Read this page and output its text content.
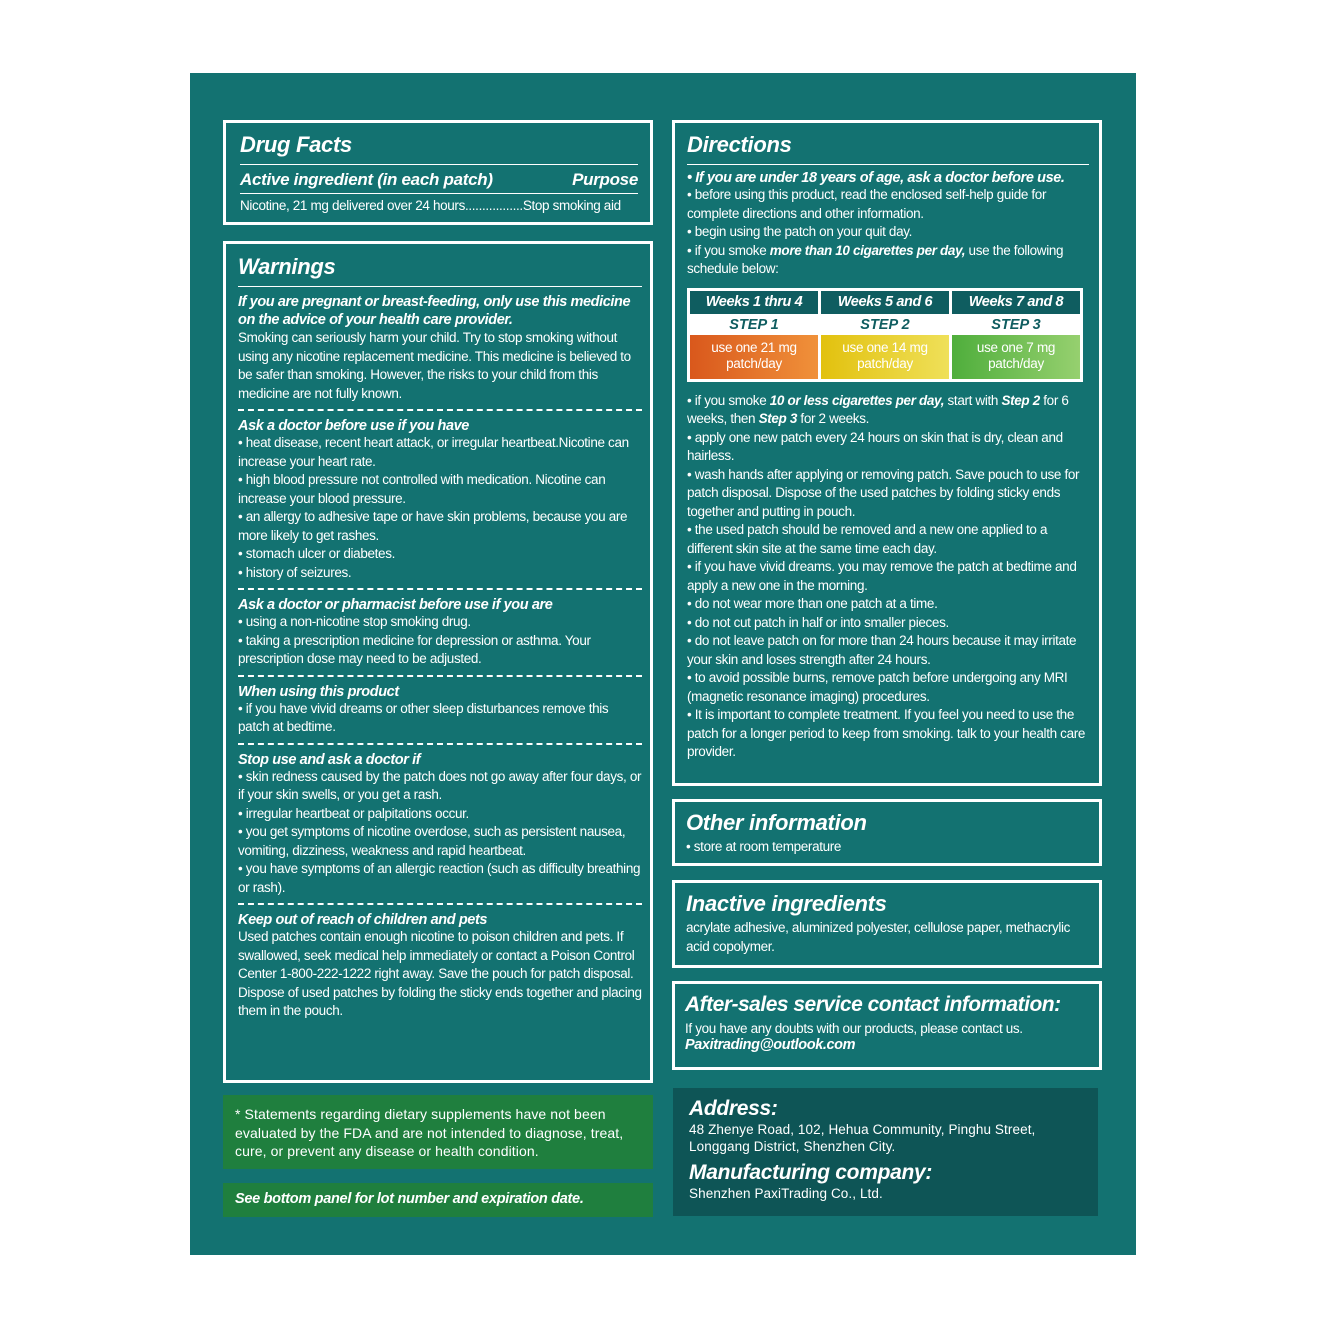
Drug Facts
Active ingredient (in each patch)	Purpose
Nicotine, 21 mg delivered over 24 hours ................. Stop smoking aid
Warnings
If you are pregnant or breast-feeding, only use this medicine on the advice of your health care provider.
Smoking can seriously harm your child. Try to stop smoking without using any nicotine replacement medicine. This medicine is believed to be safer than smoking. However, the risks to your child from this medicine are not fully known.
Ask a doctor before use if you have

• heat disease, recent heart attack, or irregular heartbeat.Nicotine can increase your heart rate.

• high blood pressure not controlled with medication. Nicotine can increase your blood pressure.

• an allergy to adhesive tape or have skin problems, because you are more likely to get rashes.

• stomach ulcer or diabetes.

• history of seizures.

Ask a doctor or pharmacist before use if you are

• using a non-nicotine stop smoking drug.

• taking a prescription medicine for depression or asthma. Your prescription dose may need to be adjusted.

When using this product

• if you have vivid dreams or other sleep disturbances remove this patch at bedtime.

Stop use and ask a doctor if

• skin redness caused by the patch does not go away after four days, or if your skin swells, or you get a rash.

• irregular heartbeat or palpitations occur.

• you get symptoms of nicotine overdose, such as persistent nausea, vomiting, dizziness, weakness and rapid heartbeat.

• you have symptoms of an allergic reaction (such as difficulty breathing or rash).

Keep out of reach of children and pets
Used patches contain enough nicotine to poison children and pets. If swallowed, seek medical help immediately or contact a Poison Control Center 1-800-222-1222 right away. Save the pouch for patch disposal. Dispose of used patches by folding the sticky ends together and placing them in the pouch.
* Statements regarding dietary supplements have not been evaluated by the FDA and are not intended to diagnose, treat, cure, or prevent any disease or health condition.
See bottom panel for lot number and expiration date.
Directions
• If you are under 18 years of age, ask a doctor before use.

• before using this product, read the enclosed self-help guide for complete directions and other information.

• begin using the patch on your quit day.

• if you smoke more than 10 cigarettes per day, use the following schedule below:

Weeks 1 thru 4
STEP 1
use one 21 mg patch/day
Weeks 5 and 6
STEP 2
use one 14 mg patch/day
Weeks 7 and 8
STEP 3
use one 7 mg patch/day

• if you smoke 10 or less cigarettes per day, start with Step 2 for 6 weeks, then Step 3 for 2 weeks.

• apply one new patch every 24 hours on skin that is dry, clean and hairless.

• wash hands after applying or removing patch. Save pouch to use for patch disposal. Dispose of the used patches by folding sticky ends together and putting in pouch.

• the used patch should be removed and a new one applied to a different skin site at the same time each day.

• if you have vivid dreams. you may remove the patch at bedtime and apply a new one in the morning.

• do not wear more than one patch at a time.

• do not cut patch in half or into smaller pieces.

• do not leave patch on for more than 24 hours because it may irritate your skin and loses strength after 24 hours.

• to avoid possible burns, remove patch before undergoing any MRI (magnetic resonance imaging) procedures.

• It is important to complete treatment. If you feel you need to use the patch for a longer period to keep from smoking. talk to your health care provider.

Other information
• store at room temperature
Inactive ingredients
acrylate adhesive, aluminized polyester, cellulose paper, methacrylic acid copolymer.
After-sales service contact information:
If you have any doubts with our products, please contact us.
Paxitrading@outlook.com
Address:
48 Zhenye Road, 102, Hehua Community, Pinghu Street, Longgang District, Shenzhen City.
Manufacturing company:
Shenzhen PaxiTrading Co., Ltd.
